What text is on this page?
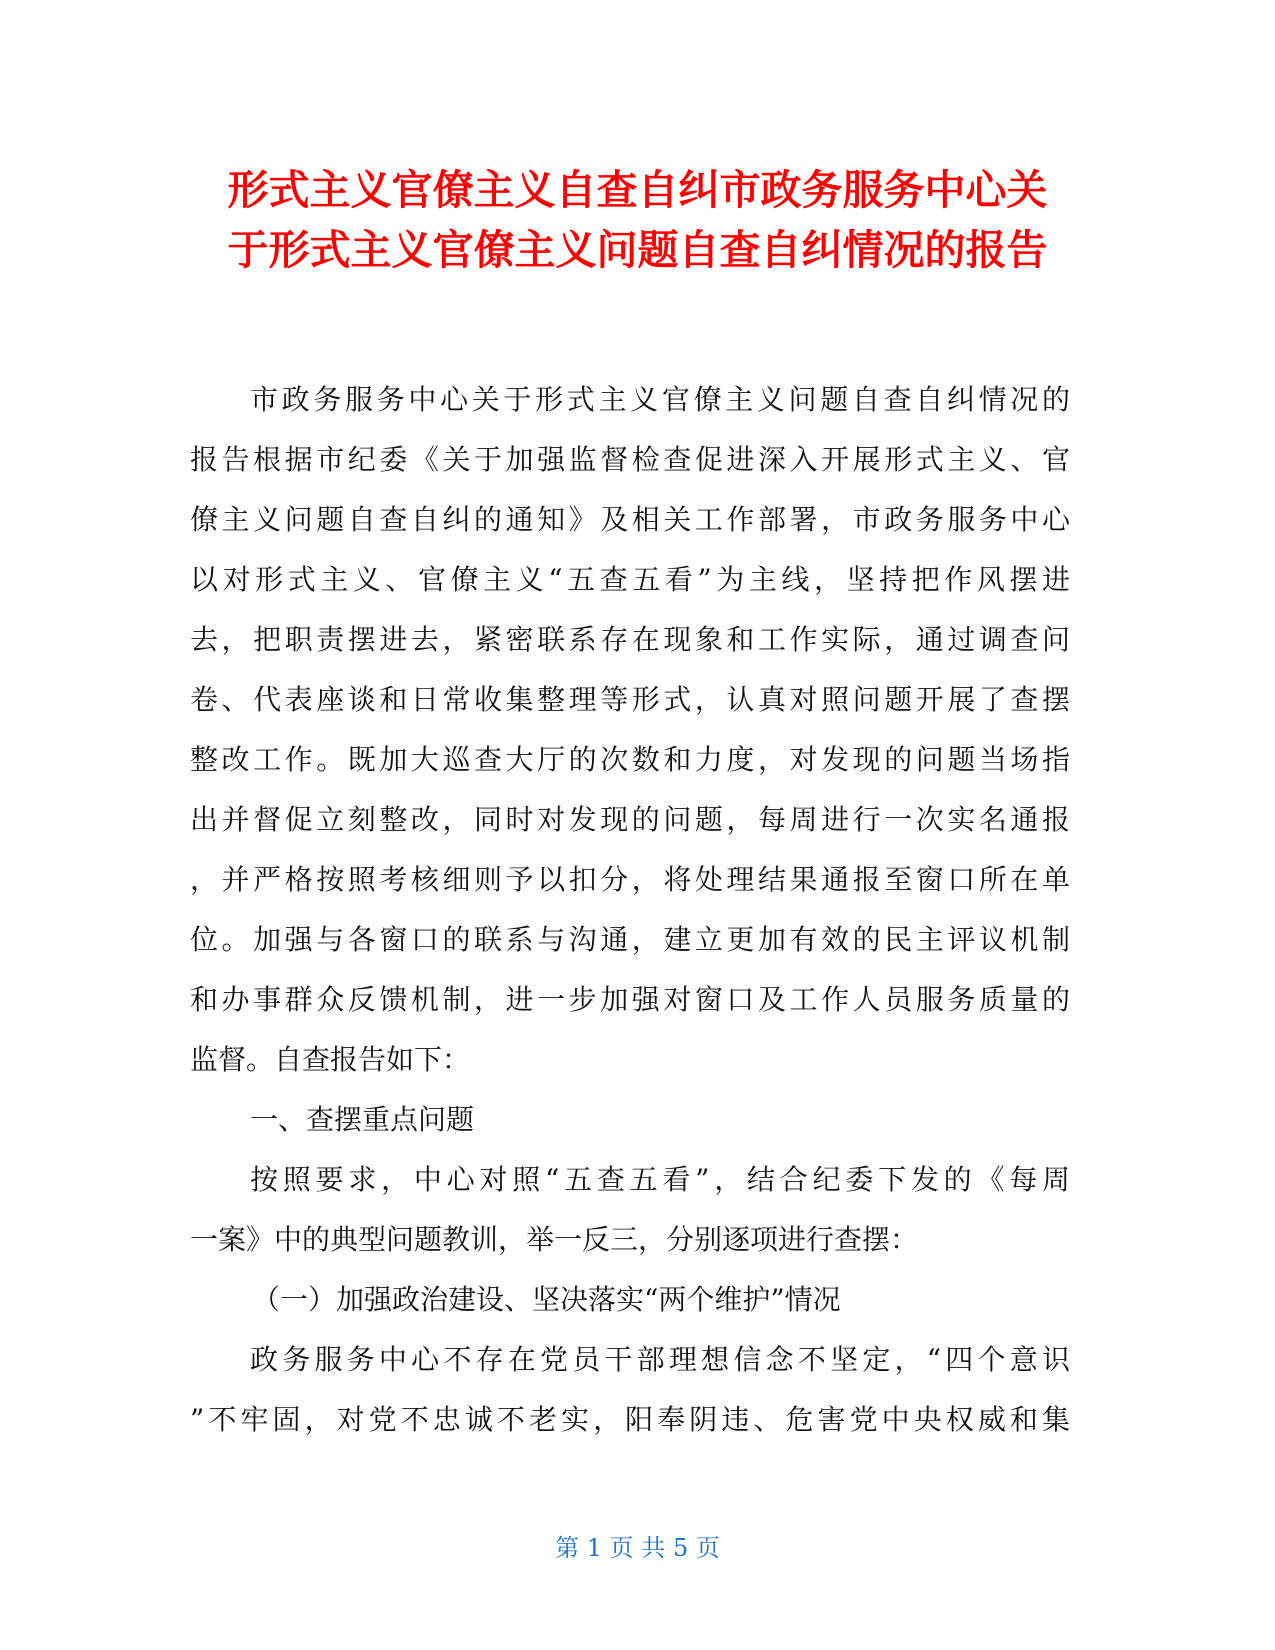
形式主义官僚主义自查自纠市政务服务中心关
于形式主义官僚主义问题自查自纠情况的报告
市政务服务中心关于形式主义官僚主义问题自查自纠情况的
报告根据市纪委《关于加强监督检查促进深入开展形式主义、官
僚主义问题自查自纠的通知》及相关工作部署，市政务服务中心
以对形式主义、官僚主义“五查五看”为主线，坚持把作风摆进
去，把职责摆进去，紧密联系存在现象和工作实际，通过调查问
卷、代表座谈和日常收集整理等形式，认真对照问题开展了查摆
整改工作。既加大巡查大厅的次数和力度，对发现的问题当场指
出并督促立刻整改，同时对发现的问题，每周进行一次实名通报
，并严格按照考核细则予以扣分，将处理结果通报至窗口所在单
位。加强与各窗口的联系与沟通，建立更加有效的民主评议机制
和办事群众反馈机制，进一步加强对窗口及工作人员服务质量的
监督。自查报告如下：
一、查摆重点问题
按照要求，中心对照“五查五看”，结合纪委下发的《每周
一案》中的典型问题教训，举一反三，分别逐项进行查摆：
（一）加强政治建设、坚决落实“两个维护”情况
政务服务中心不存在党员干部理想信念不坚定，“四个意识
”不牢固，对党不忠诚不老实，阳奉阴违、危害党中央权威和集
第 1 页 共 5 页
